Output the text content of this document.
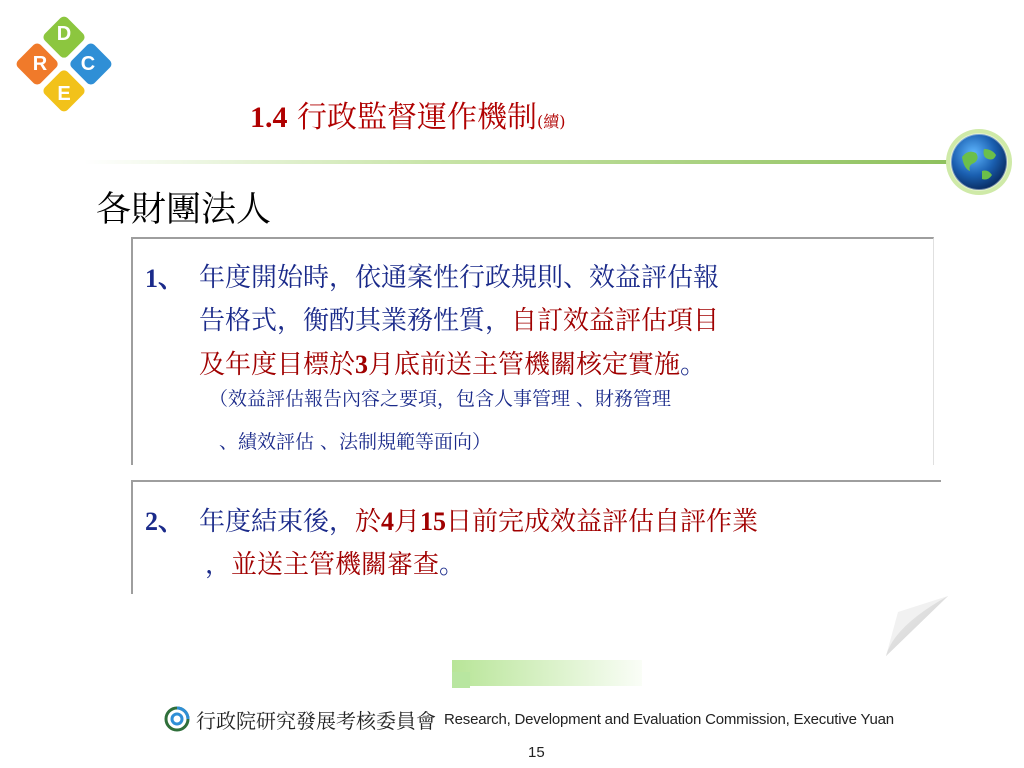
D
R C
E
1.4 行政監督運作機制(續)
各財團法人
1、 年度開始時，依通案性行政規則、效益評估報
告格式，衡酌其業務性質，自訂效益評估項目
及年度目標於3月底前送主管機關核定實施。
（效益評估報告內容之要項，包含人事管理 、財務管理
、績效評估 、法制規範等面向）
2、 年度結束後，於4月15日前完成效益評估自評作業
，並送主管機關審查。
行政院研究發展考核委員會 Research, Development and Evaluation Commission, Executive Yuan
15
